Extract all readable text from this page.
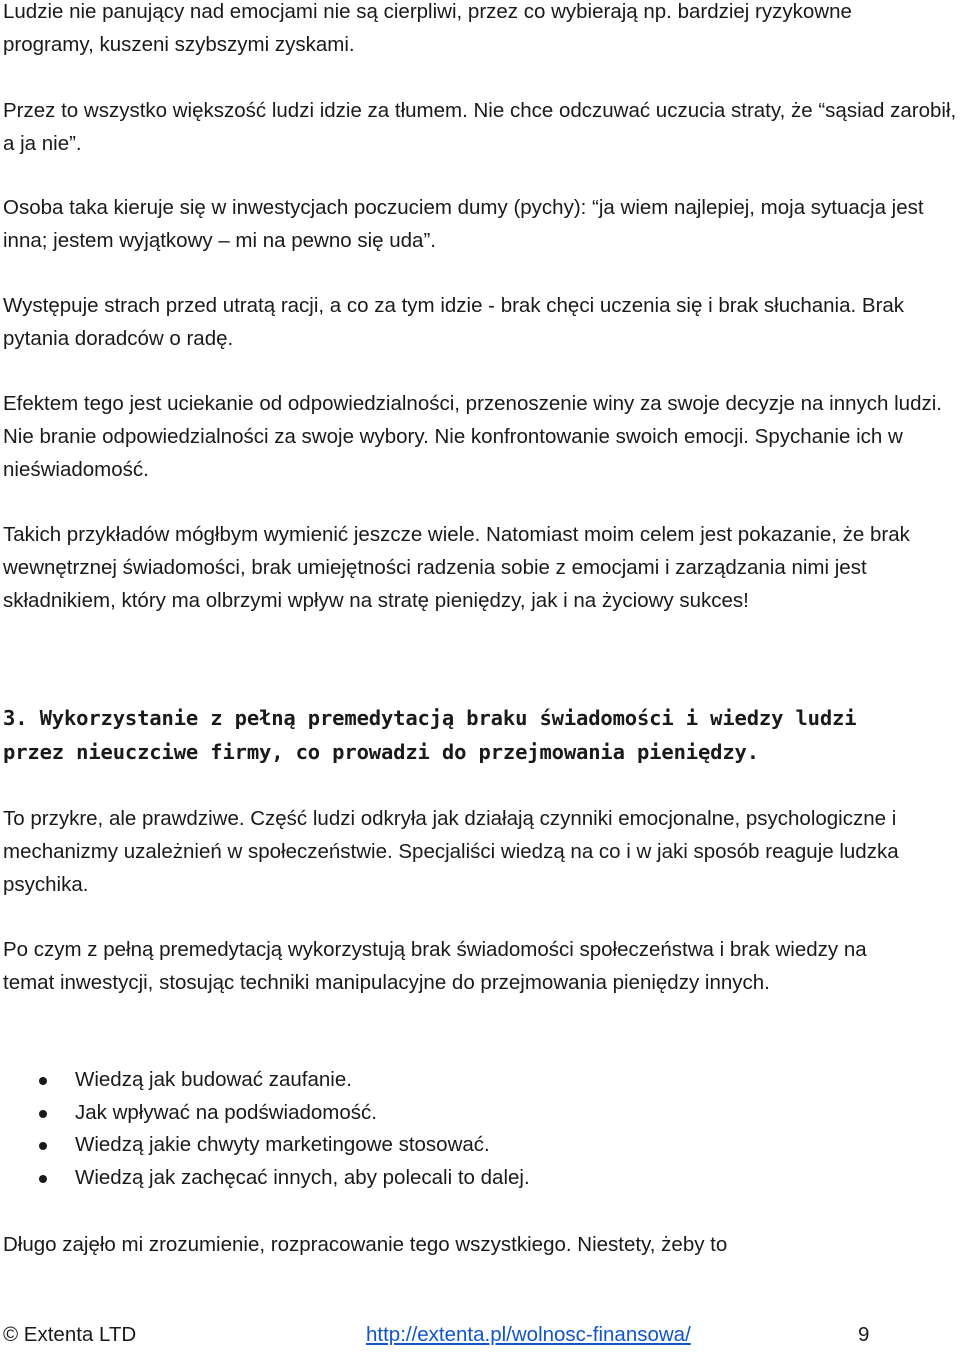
Ludzie nie panujący nad emocjami nie są cierpliwi, przez co wybierają np. bardziej ryzykowne programy, kuszeni szybszymi zyskami.

Przez to wszystko większość ludzi idzie za tłumem. Nie chce odczuwać uczucia straty, że “sąsiad zarobił, a ja nie”.

Osoba taka kieruje się w inwestycjach poczuciem dumy (pychy): “ja wiem najlepiej, moja sytuacja jest inna; jestem wyjątkowy – mi na pewno się uda”.

Występuje strach przed utratą racji, a co za tym idzie - brak chęci uczenia się i brak słuchania. Brak pytania doradców o radę.

Efektem tego jest uciekanie od odpowiedzialności, przenoszenie winy za swoje decyzje na innych ludzi. Nie branie odpowiedzialności za swoje wybory. Nie konfrontowanie swoich emocji. Spychanie ich w nieświadomość.

Takich przykładów mógłbym wymienić jeszcze wiele. Natomiast moim celem jest pokazanie, że brak wewnętrznej świadomości, brak umiejętności radzenia sobie z emocjami i zarządzania nimi jest składnikiem, który ma olbrzymi wpływ na stratę pieniędzy, jak i na życiowy sukces!

3. Wykorzystanie z pełną premedytacją braku świadomości i wiedzy ludzi przez nieuczciwe firmy, co prowadzi do przejmowania pieniędzy.

To przykre, ale prawdziwe. Część ludzi odkryła jak działają czynniki emocjonalne, psychologiczne i mechanizmy uzależnień w społeczeństwie. Specjaliści wiedzą na co i w jaki sposób reaguje ludzka psychika.

Po czym z pełną premedytacją wykorzystują brak świadomości społeczeństwa i brak wiedzy na temat inwestycji, stosując techniki manipulacyjne do przejmowania pieniędzy innych.

Wiedzą jak budować zaufanie.
Jak wpływać na podświadomość.
Wiedzą jakie chwyty marketingowe stosować.
Wiedzą jak zachęcać innych, aby polecali to dalej.

Długo zajęło mi zrozumienie, rozpracowanie tego wszystkiego. Niestety, żeby to

© Extenta LTD	http://extenta.pl/wolnosc-finansowa/	9
